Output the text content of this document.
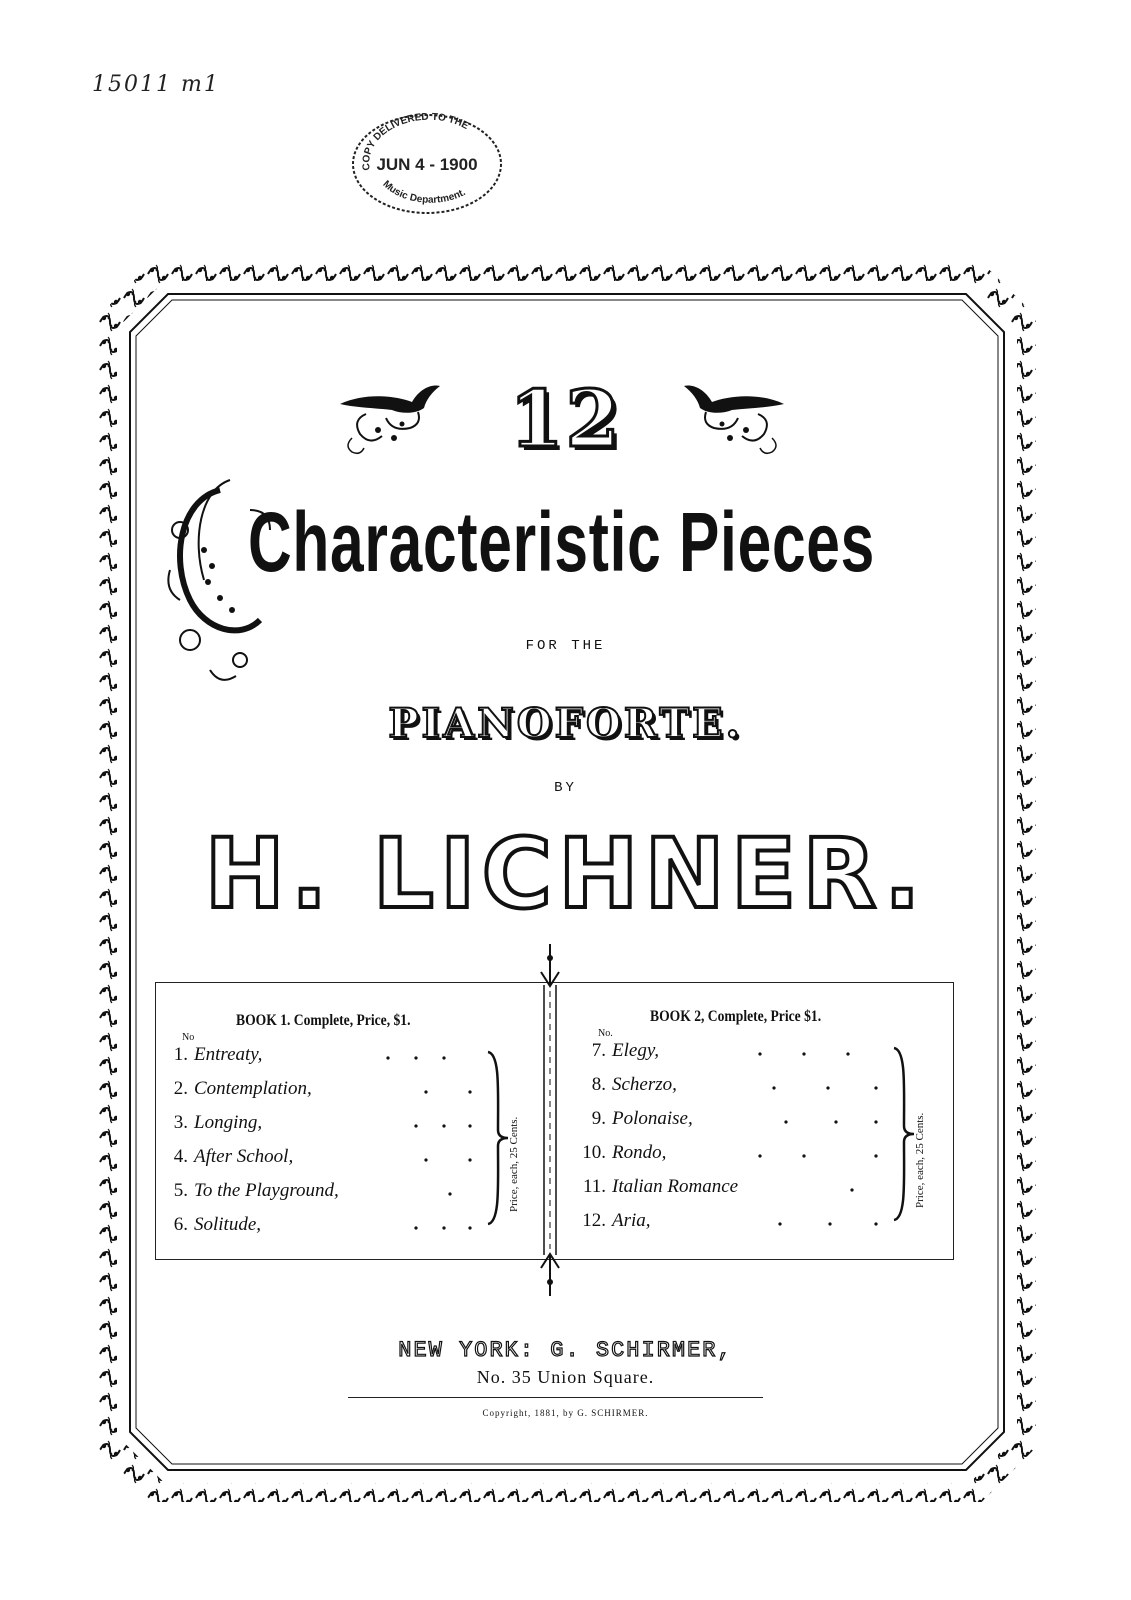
15011 m1
COPY DELIVERED TO THE
JUN 4 - 1900
Music Department.
12
Characteristic Pieces
FOR THE
PIANOFORTE.
BY
H. LICHNER.
BOOK 1. Complete, Price, $1.
No
1. Entreaty,
2. Contemplation,
3. Longing,
4. After School,
5. To the Playground,
6. Solitude,
Price, each, 25 Cents.
BOOK 2, Complete, Price $1.
No.
7. Elegy,
8. Scherzo,
9. Polonaise,
10. Rondo,
11. Italian Romance
12. Aria,
Price, each, 25 Cents.
NEW YORK: G. SCHIRMER,
No. 35 Union Square.
Copyright, 1881, by G. SCHIRMER.
